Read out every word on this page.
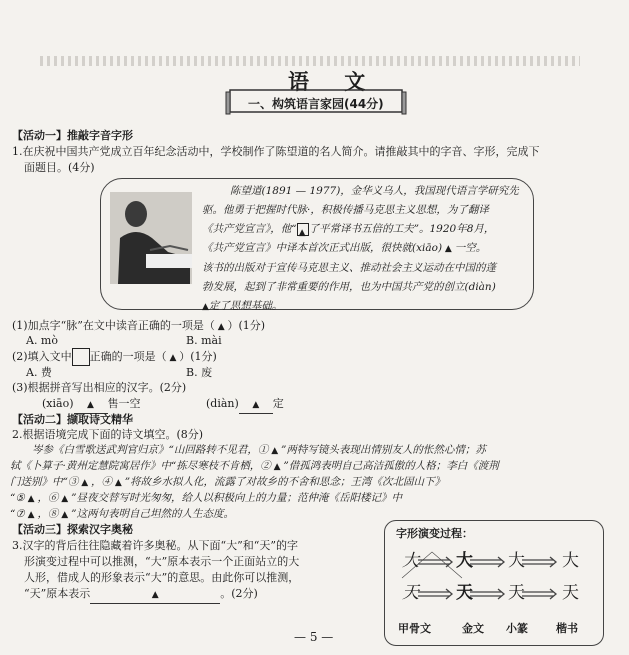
语 文
一、构筑语言家园(44分)
【活动一】推敲字音字形
1.在庆祝中国共产党成立百年纪念活动中，学校制作了陈望道的名人简介。请推敲其中的字音、字形，完成下
面题目。(4分)
陈望道(1891 — 1977)，金华义乌人，我国现代语言学研究先
驱。他勇于把握时代脉·，积极传播马克思主义思想，为了翻译
《共产党宣言》，他“ ▲ 了平常译书五倍的工夫”。1920年8月，
《共产党宣言》中译本首次正式出版，很快就(xiāo) ▲ 一空。
该书的出版对于宣传马克思主义、推动社会主义运动在中国的蓬
勃发展，起到了非常重要的作用，也为中国共产党的创立(diàn)
▲定了思想基础。
(1)加点字“脉”在文中读音正确的一项是（ ▲ ）(1分)
A. mò	B. mài
(2)填入文中 正确的一项是（ ▲ ）(1分)
A. 费	B. 废
(3)根据拼音写出相应的汉字。(2分)
(xiāo) ▲ 售一空	(diàn) ▲ 定
【活动二】撷取诗文精华
2.根据语境完成下面的诗文填空。(8分)
岑参《白雪歌送武判官归京》“山回路转不见君，① ▲ ”两特写镜头表现出情别友人的怅然心情；苏
轼《卜算子·黄州定慧院寓居作》中“拣尽寒枝不肯栖，② ▲ ”借孤鸿表明自己高洁孤傲的人格；李白《渡荆
门送别》中“③ ▲ ，④ ▲ ”将故乡水拟人化，流露了对故乡的不舍和思念；王湾《次北固山下》
“⑤ ▲ ，⑥ ▲ ”昼夜交替写时光匆匆，给人以积极向上的力量；范仲淹《岳阳楼记》中
“⑦ ▲ ，⑧ ▲ ”这两句表明自己坦然的人生态度。
【活动三】探索汉字奥秘
3.汉字的背后往往隐藏着许多奥秘。从下面“大”和“天”的字
形演变过程中可以推测，“大”原本表示一个正面站立的大
人形，借成人的形象表示“大”的意思。由此你可以推测，
“天”原本表示	▲	。(2分)
字形演变过程：
大 大 大 大
天 天 天 天
甲骨文	金文 小篆	楷书
— 5 —
